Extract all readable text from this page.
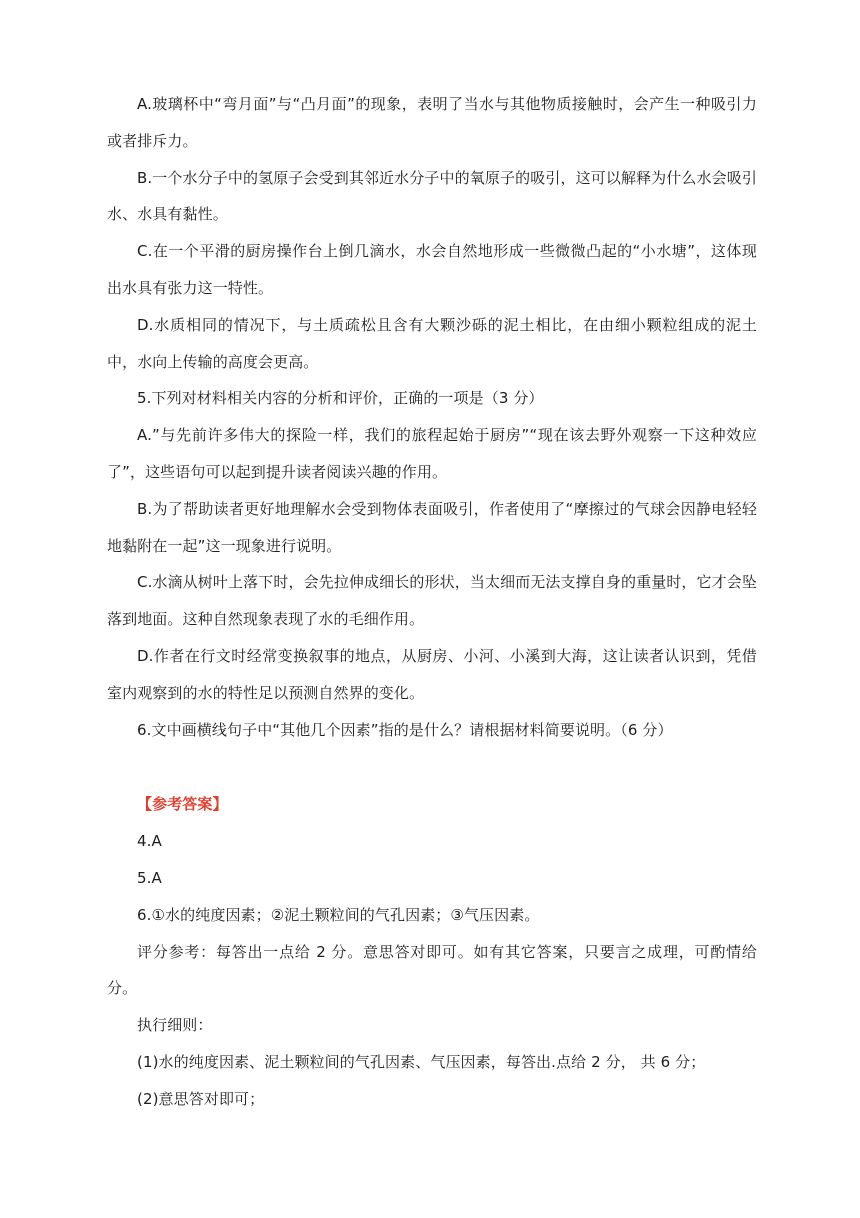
A.玻璃杯中“弯月面”与“凸月面”的现象，表明了当水与其他物质接触时，会产生一种吸引力或者排斥力。

B.一个水分子中的氢原子会受到其邻近水分子中的氧原子的吸引，这可以解释为什么水会吸引水、水具有黏性。

C.在一个平滑的厨房操作台上倒几滴水，水会自然地形成一些微微凸起的“小水塘”，这体现出水具有张力这一特性。

D.水质相同的情况下，与土质疏松且含有大颗沙砾的泥土相比，在由细小颗粒组成的泥土中，水向上传输的高度会更高。

5.下列对材料相关内容的分析和评价，正确的一项是（3 分）

A.”与先前许多伟大的探险一样，我们的旅程起始于厨房”“现在该去野外观察一下这种效应了”，这些语句可以起到提升读者阅读兴趣的作用。

B.为了帮助读者更好地理解水会受到物体表面吸引，作者使用了“摩擦过的气球会因静电轻轻地黏附在一起”这一现象进行说明。

C.水滴从树叶上落下时，会先拉伸成细长的形状，当太细而无法支撑自身的重量时，它才会坠落到地面。这种自然现象表现了水的毛细作用。

D.作者在行文时经常变换叙事的地点，从厨房、小河、小溪到大海，这让读者认识到，凭借室内观察到的水的特性足以预测自然界的变化。

6.文中画横线句子中“其他几个因素”指的是什么？请根据材料简要说明。（6 分）

【参考答案】

4.A

5.A

6.①水的纯度因素；②泥土颗粒间的气孔因素；③气压因素。

评分参考：每答出一点给 2 分。意思答对即可。如有其它答案，只要言之成理，可酌情给分。

执行细则：

(1)水的纯度因素、泥土颗粒间的气孔因素、气压因素，每答出.点给 2 分， 共 6 分；

(2)意思答对即可；
